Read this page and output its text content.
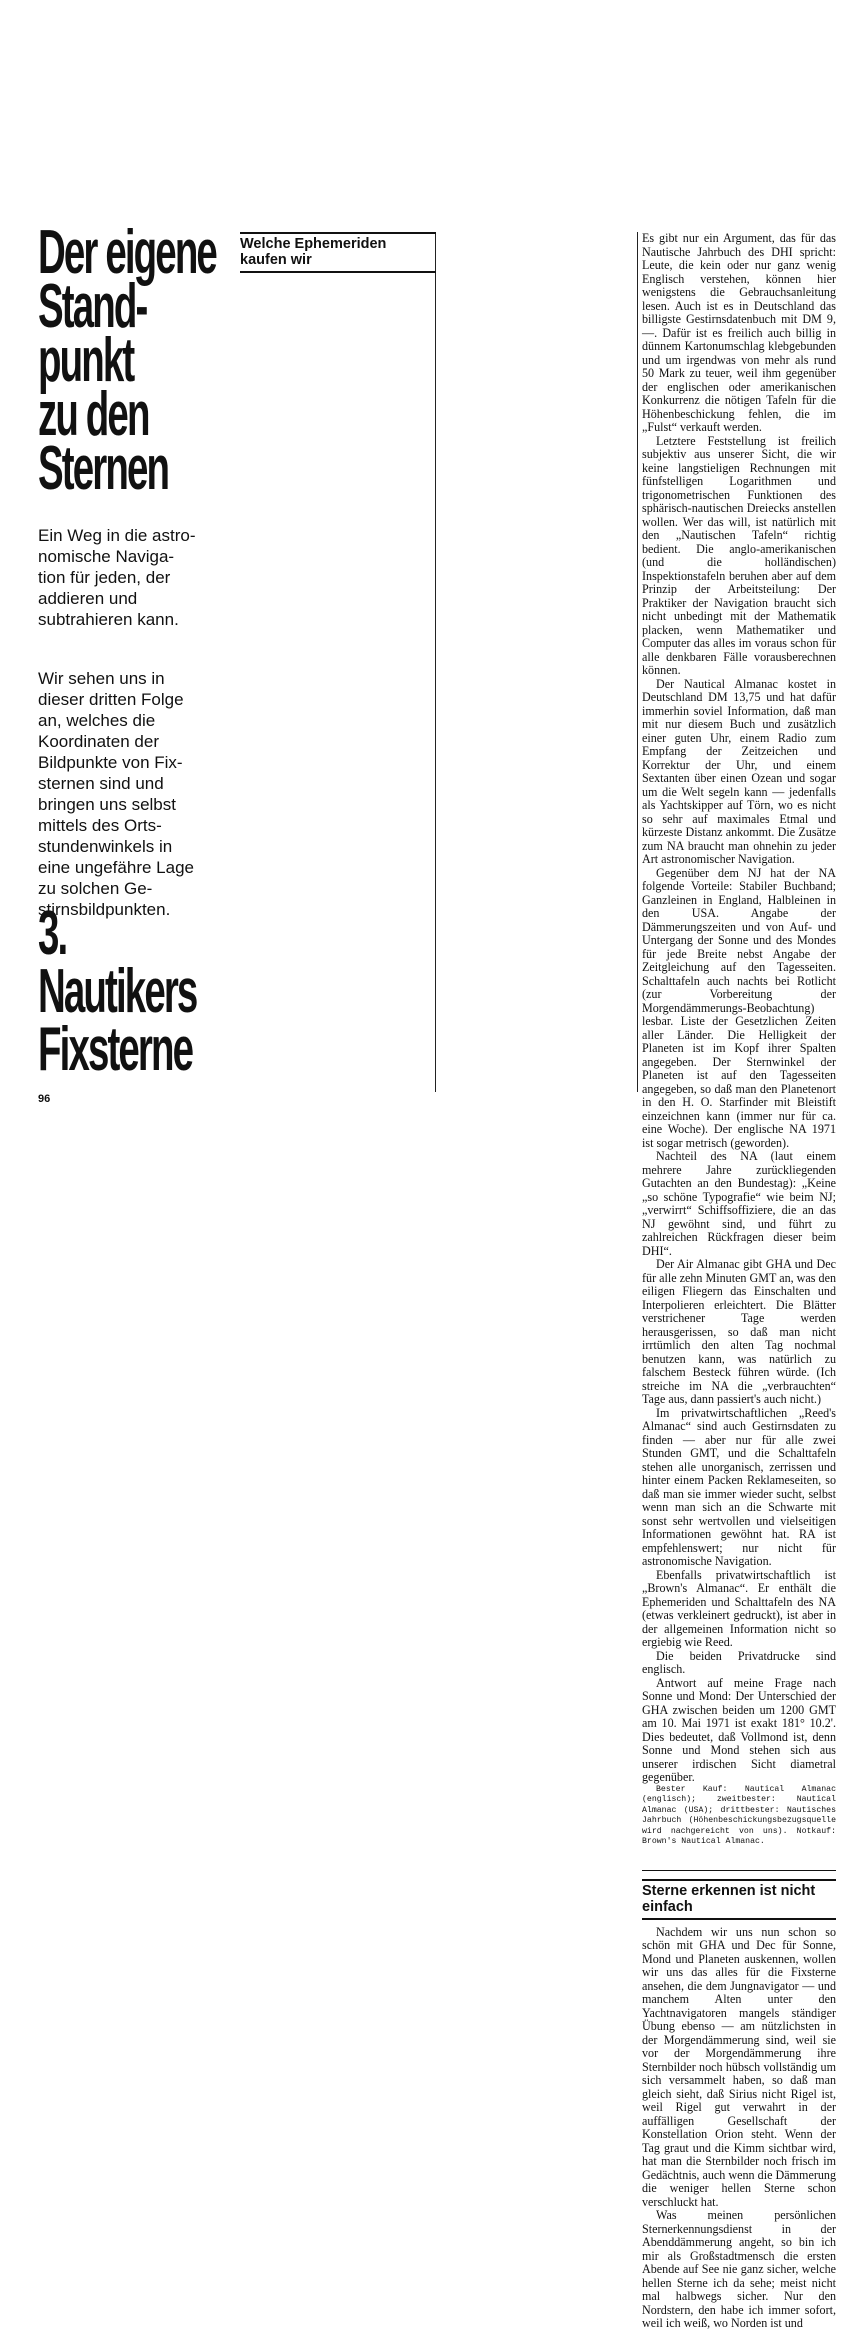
Der eigene
Stand-
punkt
zu den
Sternen

Ein Weg in die astro-
nomische Naviga-
tion für jeden, der
addieren und
subtrahieren kann.

Wir sehen uns in
dieser dritten Folge
an, welches die
Koordinaten der
Bildpunkte von Fix-
sternen sind und
bringen uns selbst
mittels des Orts-
stundenwinkels in
eine ungefähre Lage
zu solchen Ge-
stirnsbildpunkten.

3.
Nautikers
Fixsterne
96
Welche Ephemeriden kaufen wir

Es gibt nur ein Argument, das für das Nautische Jahrbuch des DHI spricht: Leute, die kein oder nur ganz wenig Englisch verstehen, können hier wenigstens die Gebrauchsanleitung lesen. Auch ist es in Deutschland das billigste Gestirnsdatenbuch mit DM 9,—. Dafür ist es freilich auch billig in dünnem Kartonumschlag klebgebunden und um irgendwas von mehr als rund 50 Mark zu teuer, weil ihm gegenüber der englischen oder amerikanischen Konkurrenz die nötigen Tafeln für die Höhenbeschickung fehlen, die im „Fulst“ verkauft werden.

Letztere Feststellung ist freilich subjektiv aus unserer Sicht, die wir keine langstieligen Rechnungen mit fünfstelligen Logarithmen und trigonometrischen Funktionen des sphärisch-nautischen Dreiecks anstellen wollen. Wer das will, ist natürlich mit den „Nautischen Tafeln“ richtig bedient. Die anglo-amerikanischen (und die holländischen) Inspektionstafeln beruhen aber auf dem Prinzip der Arbeitsteilung: Der Praktiker der Navigation braucht sich nicht unbedingt mit der Mathematik placken, wenn Mathematiker und Computer das alles im voraus schon für alle denkbaren Fälle vorausberechnen können.

Der Nautical Almanac kostet in Deutschland DM 13,75 und hat dafür immerhin soviel Information, daß man mit nur diesem Buch und zusätzlich einer guten Uhr, einem Radio zum Empfang der Zeitzeichen und Korrektur der Uhr, und einem Sextanten über einen Ozean und sogar um die Welt segeln kann — jedenfalls als Yachtskipper auf Törn, wo es nicht so sehr auf maximales Etmal und kürzeste Distanz ankommt. Die Zusätze zum NA braucht man ohnehin zu jeder Art astronomischer Navigation.

Gegenüber dem NJ hat der NA folgende Vorteile: Stabiler Buchband; Ganzleinen in England, Halbleinen in den USA. Angabe der Dämmerungszeiten und von Auf- und Untergang der Sonne und des Mondes für jede Breite nebst Angabe der Zeitgleichung auf den Tagesseiten. Schalttafeln auch nachts bei Rotlicht (zur Vorbereitung der Morgendämmerungs-Beobachtung) lesbar. Liste der Gesetzlichen Zeiten aller Länder. Die Helligkeit der Planeten ist im Kopf ihrer Spalten angegeben. Der Sternwinkel der Planeten ist auf den Tagesseiten angegeben, so daß man den Planetenort in den H. O. Starfinder mit Bleistift einzeichnen kann (immer nur für ca. eine Woche). Der englische NA 1971 ist sogar metrisch (geworden).

Nachteil des NA (laut einem mehrere Jahre zurückliegenden Gutachten an den Bundestag): „Keine „so schöne Typografie“ wie beim NJ; „verwirrt“ Schiffsoffiziere, die an das NJ gewöhnt sind, und führt zu zahlreichen Rückfragen dieser beim DHI“.

Der Air Almanac gibt GHA und Dec für alle zehn Minuten GMT an, was den eiligen Fliegern das Einschalten und Interpolieren erleichtert. Die Blätter verstrichener Tage werden herausgerissen, so daß man nicht irrtümlich den alten Tag nochmal benutzen kann, was natürlich zu falschem Besteck führen würde. (Ich streiche im NA die „verbrauchten“ Tage aus, dann passiert's auch nicht.)

Im privatwirtschaftlichen „Reed's Almanac“ sind auch Gestirnsdaten zu finden — aber nur für alle zwei Stunden GMT, und die Schalttafeln stehen alle unorganisch, zerrissen und hinter einem Packen Reklameseiten, so daß man sie immer wieder sucht, selbst wenn man sich an die Schwarte mit sonst sehr wertvollen und vielseitigen Informationen gewöhnt hat. RA ist empfehlenswert; nur nicht für astronomische Navigation.

Ebenfalls privatwirtschaftlich ist „Brown's Almanac“. Er enthält die Ephemeriden und Schalttafeln des NA (etwas verkleinert gedruckt), ist aber in der allgemeinen Information nicht so ergiebig wie Reed.

Die beiden Privatdrucke sind englisch.

Antwort auf meine Frage nach Sonne und Mond: Der Unterschied der GHA zwischen beiden um 1200 GMT am 10. Mai 1971 ist exakt 181° 10.2'. Dies bedeutet, daß Vollmond ist, denn Sonne und Mond stehen sich aus unserer irdischen Sicht diametral gegenüber.

Bester Kauf: Nautical Almanac (englisch); zweitbester: Nautical Almanac (USA); drittbester: Nautisches Jahrbuch (Höhenbeschickungsbezugsquelle wird nachgereicht von uns). Notkauf: Brown's Nautical Almanac.

Sterne erkennen ist nicht einfach

Nachdem wir uns nun schon so schön mit GHA und Dec für Sonne, Mond und Planeten auskennen, wollen wir uns das alles für die Fixsterne ansehen, die dem Jungnavigator — und manchem Alten unter den Yachtnavigatoren mangels ständiger Übung ebenso — am nützlichsten in der Morgendämmerung sind, weil sie vor der Morgendämmerung ihre Sternbilder noch hübsch vollständig um sich versammelt haben, so daß man gleich sieht, daß Sirius nicht Rigel ist, weil Rigel gut verwahrt in der auffälligen Gesellschaft der Konstellation Orion steht. Wenn der Tag graut und die Kimm sichtbar wird, hat man die Sternbilder noch frisch im Gedächtnis, auch wenn die Dämmerung die weniger hellen Sterne schon verschluckt hat.

Was meinen persönlichen Sternerkennungsdienst in der Abenddämmerung angeht, so bin ich mir als Großstadtmensch die ersten Abende auf See nie ganz sicher, welche hellen Sterne ich da sehe; meist nicht mal halbwegs sicher. Nur den Nordstern, den habe ich immer sofort, weil ich weiß, wo Norden ist und
